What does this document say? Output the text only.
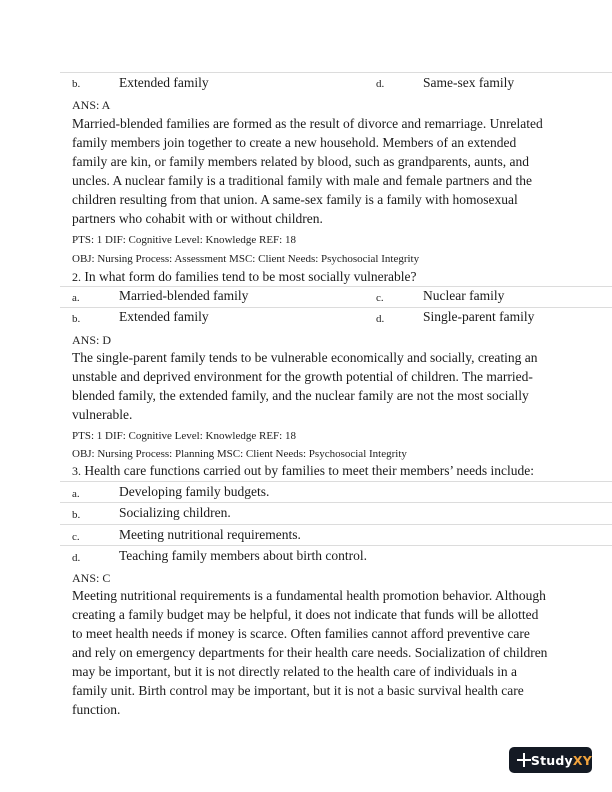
b.	Extended family	d.	Same-sex family
ANS: A
Married-blended families are formed as the result of divorce and remarriage. Unrelated family members join together to create a new household. Members of an extended family are kin, or family members related by blood, such as grandparents, aunts, and uncles. A nuclear family is a traditional family with male and female partners and the children resulting from that union. A same-sex family is a family with homosexual partners who cohabit with or without children.
PTS: 1 DIF: Cognitive Level: Knowledge REF: 18
OBJ: Nursing Process: Assessment MSC: Client Needs: Psychosocial Integrity
2. In what form do families tend to be most socially vulnerable?
a.	Married-blended family	c.	Nuclear family
b.	Extended family	d.	Single-parent family
ANS: D
The single-parent family tends to be vulnerable economically and socially, creating an unstable and deprived environment for the growth potential of children. The married-blended family, the extended family, and the nuclear family are not the most socially vulnerable.
PTS: 1 DIF: Cognitive Level: Knowledge REF: 18
OBJ: Nursing Process: Planning MSC: Client Needs: Psychosocial Integrity
3. Health care functions carried out by families to meet their members’ needs include:
a.	Developing family budgets.
b.	Socializing children.
c.	Meeting nutritional requirements.
d.	Teaching family members about birth control.
ANS: C
Meeting nutritional requirements is a fundamental health promotion behavior. Although creating a family budget may be helpful, it does not indicate that funds will be allotted to meet health needs if money is scarce. Often families cannot afford preventive care and rely on emergency departments for their health care needs. Socialization of children may be important, but it is not directly related to the health care of individuals in a family unit. Birth control may be important, but it is not a basic survival health care function.
Study XY
